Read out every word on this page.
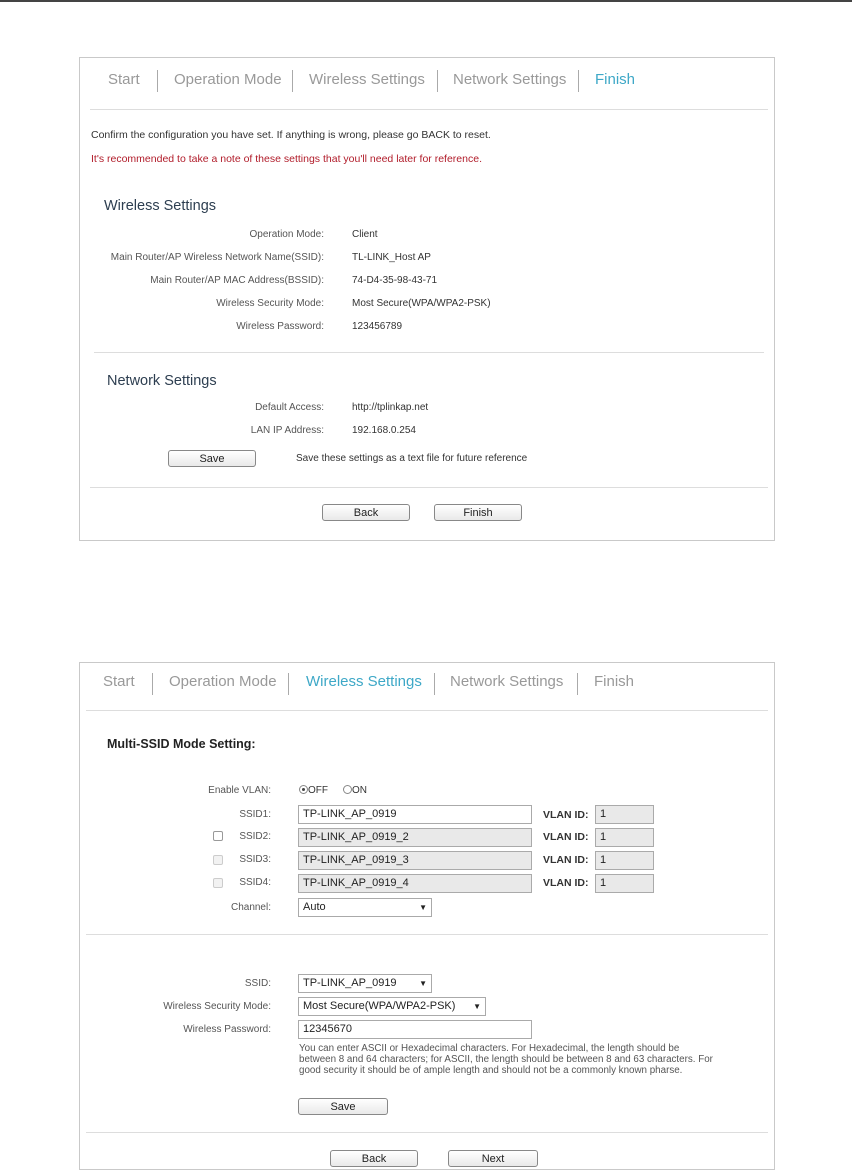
Start Operation Mode Wireless Settings Network Settings Finish
Confirm the configuration you have set. If anything is wrong, please go BACK to reset.
It's recommended to take a note of these settings that you'll need later for reference.
Wireless Settings
Operation Mode:	Client
Main Router/AP Wireless Network Name(SSID):	TL-LINK_Host AP
Main Router/AP MAC Address(BSSID):	74-D4-35-98-43-71
Wireless Security Mode:	Most Secure(WPA/WPA2-PSK)
Wireless Password:	123456789
Network Settings
Default Access:	http://tplinkap.net
LAN IP Address:	192.168.0.254
Save	Save these settings as a text file for future reference
Back	Finish
Start Operation Mode Wireless Settings Network Settings Finish
Multi-SSID Mode Setting:
Enable VLAN:	OFF	ON
SSID1:	TP-LINK_AP_0919	VLAN ID:	1
SSID2:	TP-LINK_AP_0919_2	VLAN ID:	1
SSID3:	TP-LINK_AP_0919_3	VLAN ID:	1
SSID4:	TP-LINK_AP_0919_4	VLAN ID:	1
Channel:	Auto	▼
SSID:	TP-LINK_AP_0919	▼
Wireless Security Mode:	Most Secure(WPA/WPA2-PSK) ▼
Wireless Password:	12345670
You can enter ASCII or Hexadecimal characters. For Hexadecimal, the length should be between 8 and 64 characters; for ASCII, the length should be between 8 and 63 characters. For good security it should be of ample length and should not be a commonly known pharse.
Save
Back	Next
